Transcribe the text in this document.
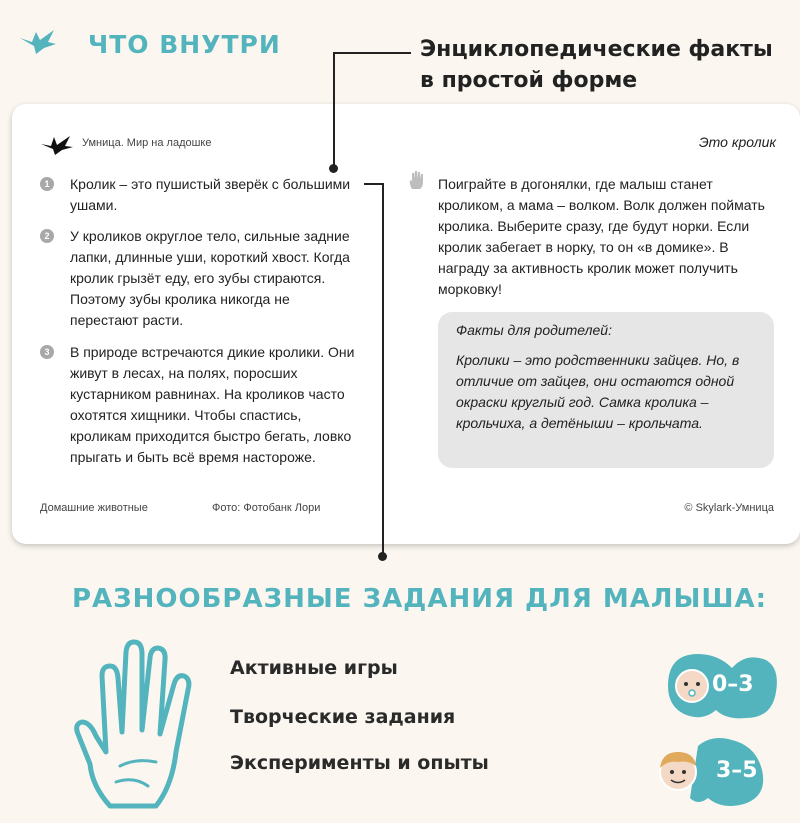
ЧТО ВНУТРИ	Энциклопедические факты
в простой форме
Умница. Мир на ладошке	Это кролик
1	Кролик – это пушистый зверёк с большими ушами.
2	У кроликов округлое тело, сильные задние лапки, длинные уши, короткий хвост. Когда кролик грызёт еду, его зубы стираются. Поэтому зубы кролика никогда не перестают расти.
3	В природе встречаются дикие кролики. Они живут в лесах, на полях, поросших кустарником равнинах. На кроликов часто охотятся хищники. Чтобы спастись, кроликам приходится быстро бегать, ловко прыгать и быть всё время настороже.
Поиграйте в догонялки, где малыш станет кроликом, а мама – волком. Волк должен поймать кролика. Выберите сразу, где будут норки. Если кролик забегает в норку, то он «в домике». В награду за активность кролик может получить морковку!
Факты для родителей:
Кролики – это родственники зайцев. Но, в отличие от зайцев, они остаются одной окраски круглый год. Самка кролика – крольчиха, а детёныши – крольчата.
Домашние животные	Фото: Фотобанк Лори	© Skylark-Умница
РАЗНООБРАЗНЫЕ ЗАДАНИЯ ДЛЯ МАЛЫША:
Активные игры
Творческие задания
Эксперименты и опыты
0–3
3–5
